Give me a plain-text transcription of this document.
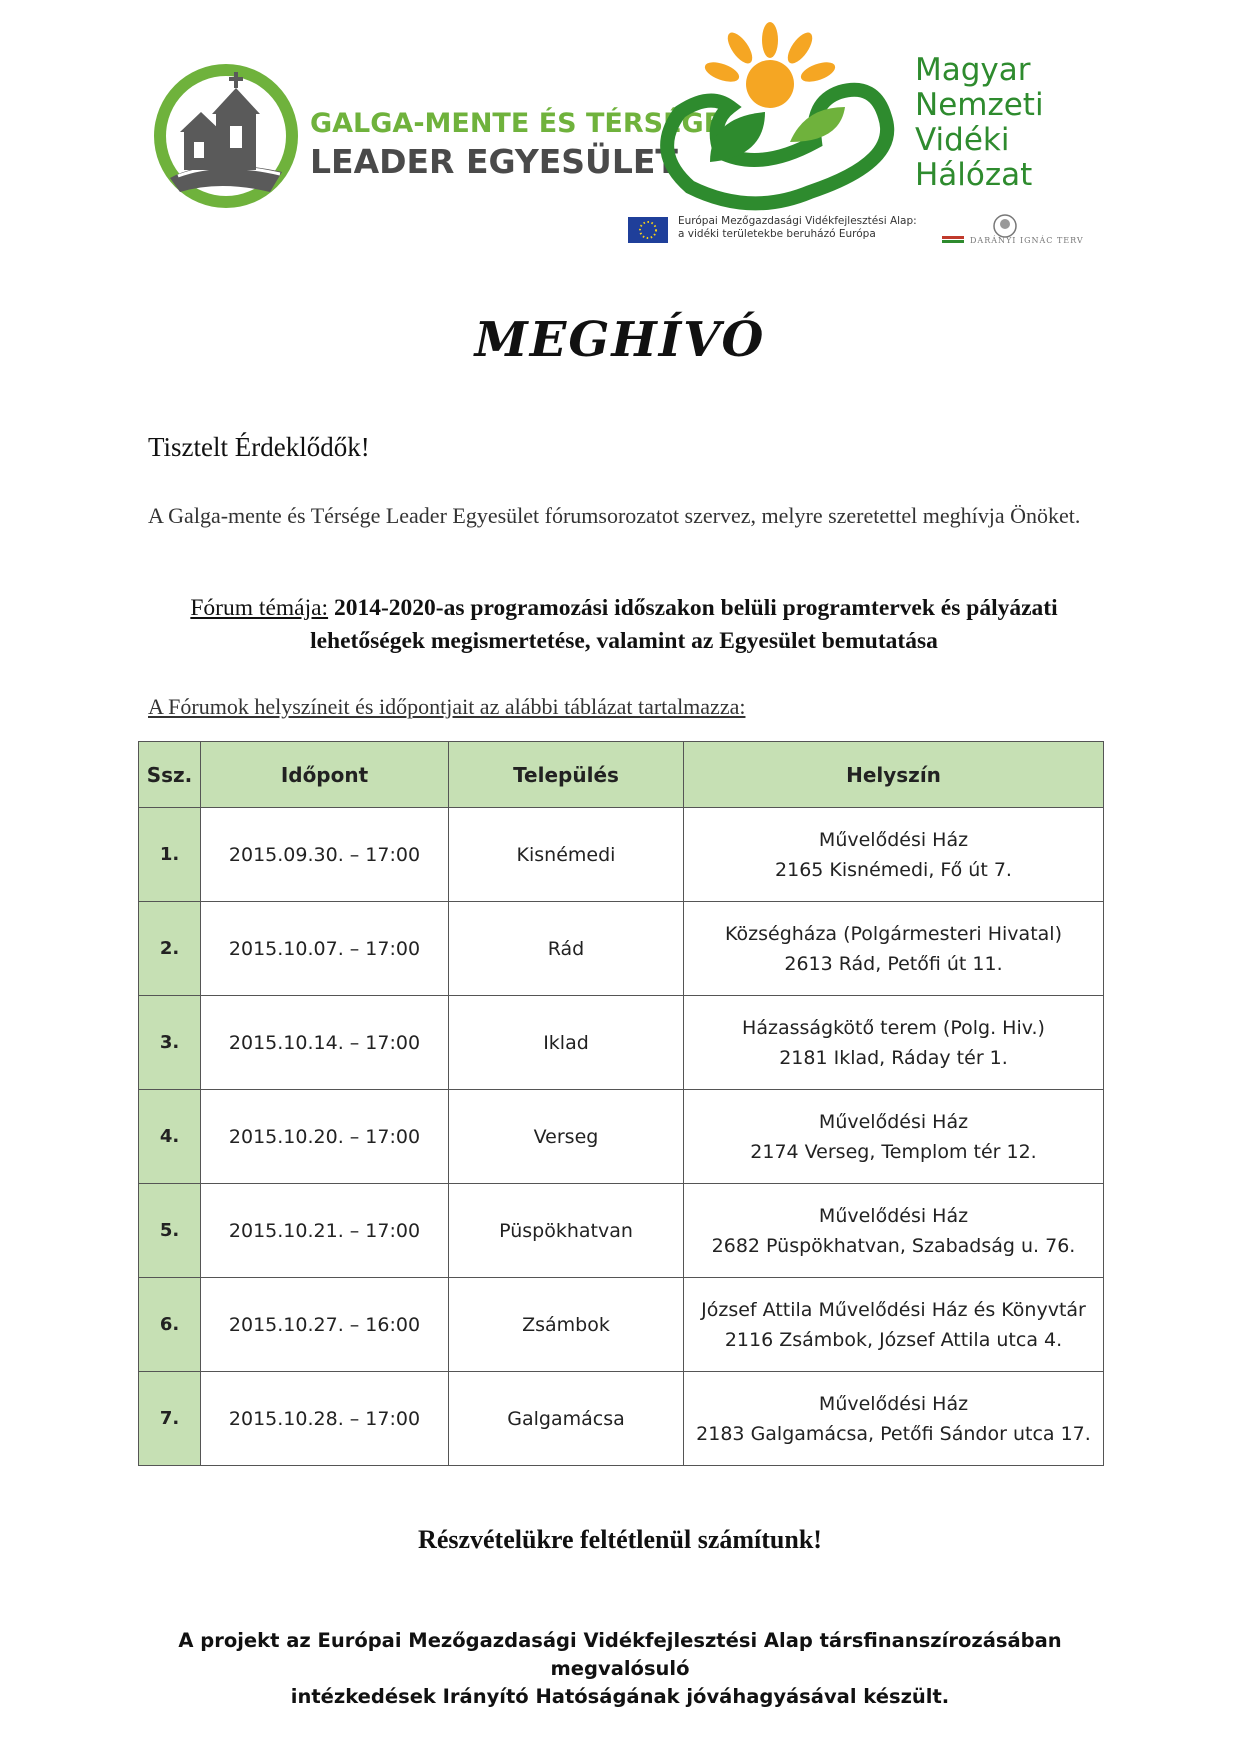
GALGA-MENTE ÉS TÉRSÉGE
LEADER EGYESÜLET
Magyar
Nemzeti
Vidéki
Hálózat
Európai Mezőgazdasági Vidékfejlesztési Alap:
a vidéki területekbe beruházó Európa
DARÁNYI IGNÁC TERV
MEGHÍVÓ
Tisztelt Érdeklődők!
A Galga-mente és Térsége Leader Egyesület fórumsorozatot szervez, melyre szeretettel meghívja Önöket.
Fórum témája: 2014-2020-as programozási időszakon belüli programtervek és pályázati lehetőségek megismertetése, valamint az Egyesület bemutatása
A Fórumok helyszíneit és időpontjait az alábbi táblázat tartalmazza:
Ssz.	Időpont	Település	Helyszín
1.	2015.09.30. – 17:00	Kisnémedi	Művelődési Ház
2165 Kisnémedi, Fő út 7.

2.	2015.10.07. – 17:00	Rád	Községháza (Polgármesteri Hivatal)
2613 Rád, Petőfi út 11.

3.	2015.10.14. – 17:00	Iklad	Házasságkötő terem (Polg. Hiv.)
2181 Iklad, Ráday tér 1.

4.	2015.10.20. – 17:00	Verseg	Művelődési Ház
2174 Verseg, Templom tér 12.

5.	2015.10.21. – 17:00	Püspökhatvan	Művelődési Ház
2682 Püspökhatvan, Szabadság u. 76.

6.	2015.10.27. – 16:00	Zsámbok	József Attila Művelődési Ház és Könyvtár
2116 Zsámbok, József Attila utca 4.

7.	2015.10.28. – 17:00	Galgamácsa	Művelődési Ház
2183 Galgamácsa, Petőfi Sándor utca 17.
Részvételükre feltétlenül számítunk!
A projekt az Európai Mezőgazdasági Vidékfejlesztési Alap társfinanszírozásában megvalósuló
intézkedések Irányító Hatóságának jóváhagyásával készült.
